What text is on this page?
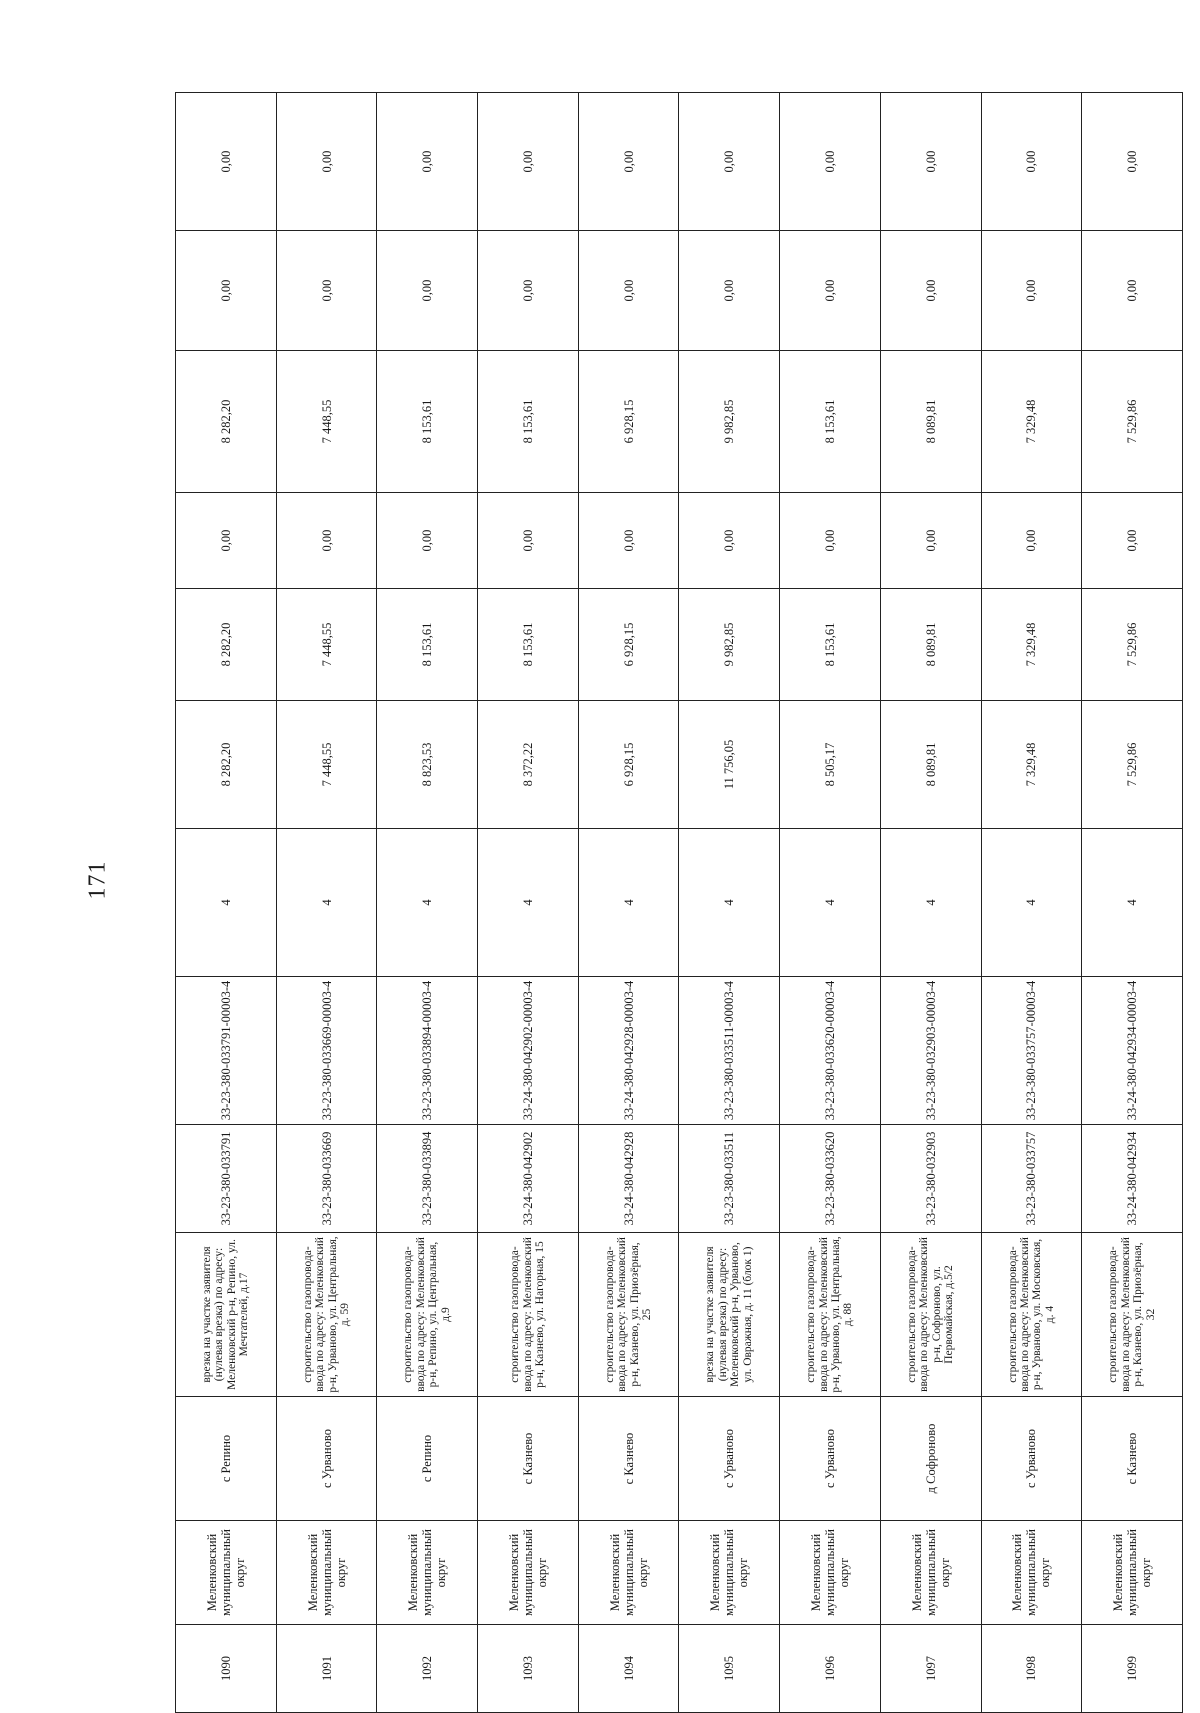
171
1090	Меленковский муниципальный округ	с Репино	врезка на участке заявителя (нулевая врезка) по адресу: Меленковский р-н, Репино, ул. Мечтателей, д.17	33-23-380-033791	33-23-380-033791-00003-4	4	8 282,20	8 282,20	0,00	8 282,20	0,00	0,00
1091	Меленковский муниципальный округ	с Урвановo	строительство газопровода-ввода по адресу: Меленковский р-н, Урваново, ул. Центральная, д. 59	33-23-380-033669	33-23-380-033669-00003-4	4	7 448,55	7 448,55	0,00	7 448,55	0,00	0,00
1092	Меленковский муниципальный округ	с Репино	строительство газопровода-ввода по адресу: Меленковский р-н, Репино, ул. Центральная, д.9	33-23-380-033894	33-23-380-033894-00003-4	4	8 823,53	8 153,61	0,00	8 153,61	0,00	0,00
1093	Меленковский муниципальный округ	с Казнево	строительство газопровода-ввода по адресу: Меленковский р-н, Казнево, ул. Нагорная, 15	33-24-380-042902	33-24-380-042902-00003-4	4	8 372,22	8 153,61	0,00	8 153,61	0,00	0,00
1094	Меленковский муниципальный округ	с Казнево	строительство газопровода-ввода по адресу: Меленковский р-н, Казнево, ул. Приозёрная, 25	33-24-380-042928	33-24-380-042928-00003-4	4	6 928,15	6 928,15	0,00	6 928,15	0,00	0,00
1095	Меленковский муниципальный округ	с Урваново	врезка на участке заявителя (нулевая врезка) по адресу: Меленковский р-н, Урваново, ул. Овражная, д. 11 (блок 1)	33-23-380-033511	33-23-380-033511-00003-4	4	11 756,05	9 982,85	0,00	9 982,85	0,00	0,00
1096	Меленковский муниципальный округ	с Урваново	строительство газопровода-ввода по адресу: Меленковский р-н, Урваново, ул. Центральная, д. 88	33-23-380-033620	33-23-380-033620-00003-4	4	8 505,17	8 153,61	0,00	8 153,61	0,00	0,00
1097	Меленковский муниципальный округ	д Софроново	строительство газопровода-ввода по адресу: Меленковский р-н, Софроново, ул. Первомайская, д.5/2	33-23-380-032903	33-23-380-032903-00003-4	4	8 089,81	8 089,81	0,00	8 089,81	0,00	0,00
1098	Меленковский муниципальный округ	с Урваново	строительство газопровода-ввода по адресу: Меленковский р-н, Урваново, ул. Московская, д. 4	33-23-380-033757	33-23-380-033757-00003-4	4	7 329,48	7 329,48	0,00	7 329,48	0,00	0,00
1099	Меленковский муниципальный округ	с Казнево	строительство газопровода-ввода по адресу: Меленковский р-н, Казнево, ул. Приозёрная, 32	33-24-380-042934	33-24-380-042934-00003-4	4	7 529,86	7 529,86	0,00	7 529,86	0,00	0,00
